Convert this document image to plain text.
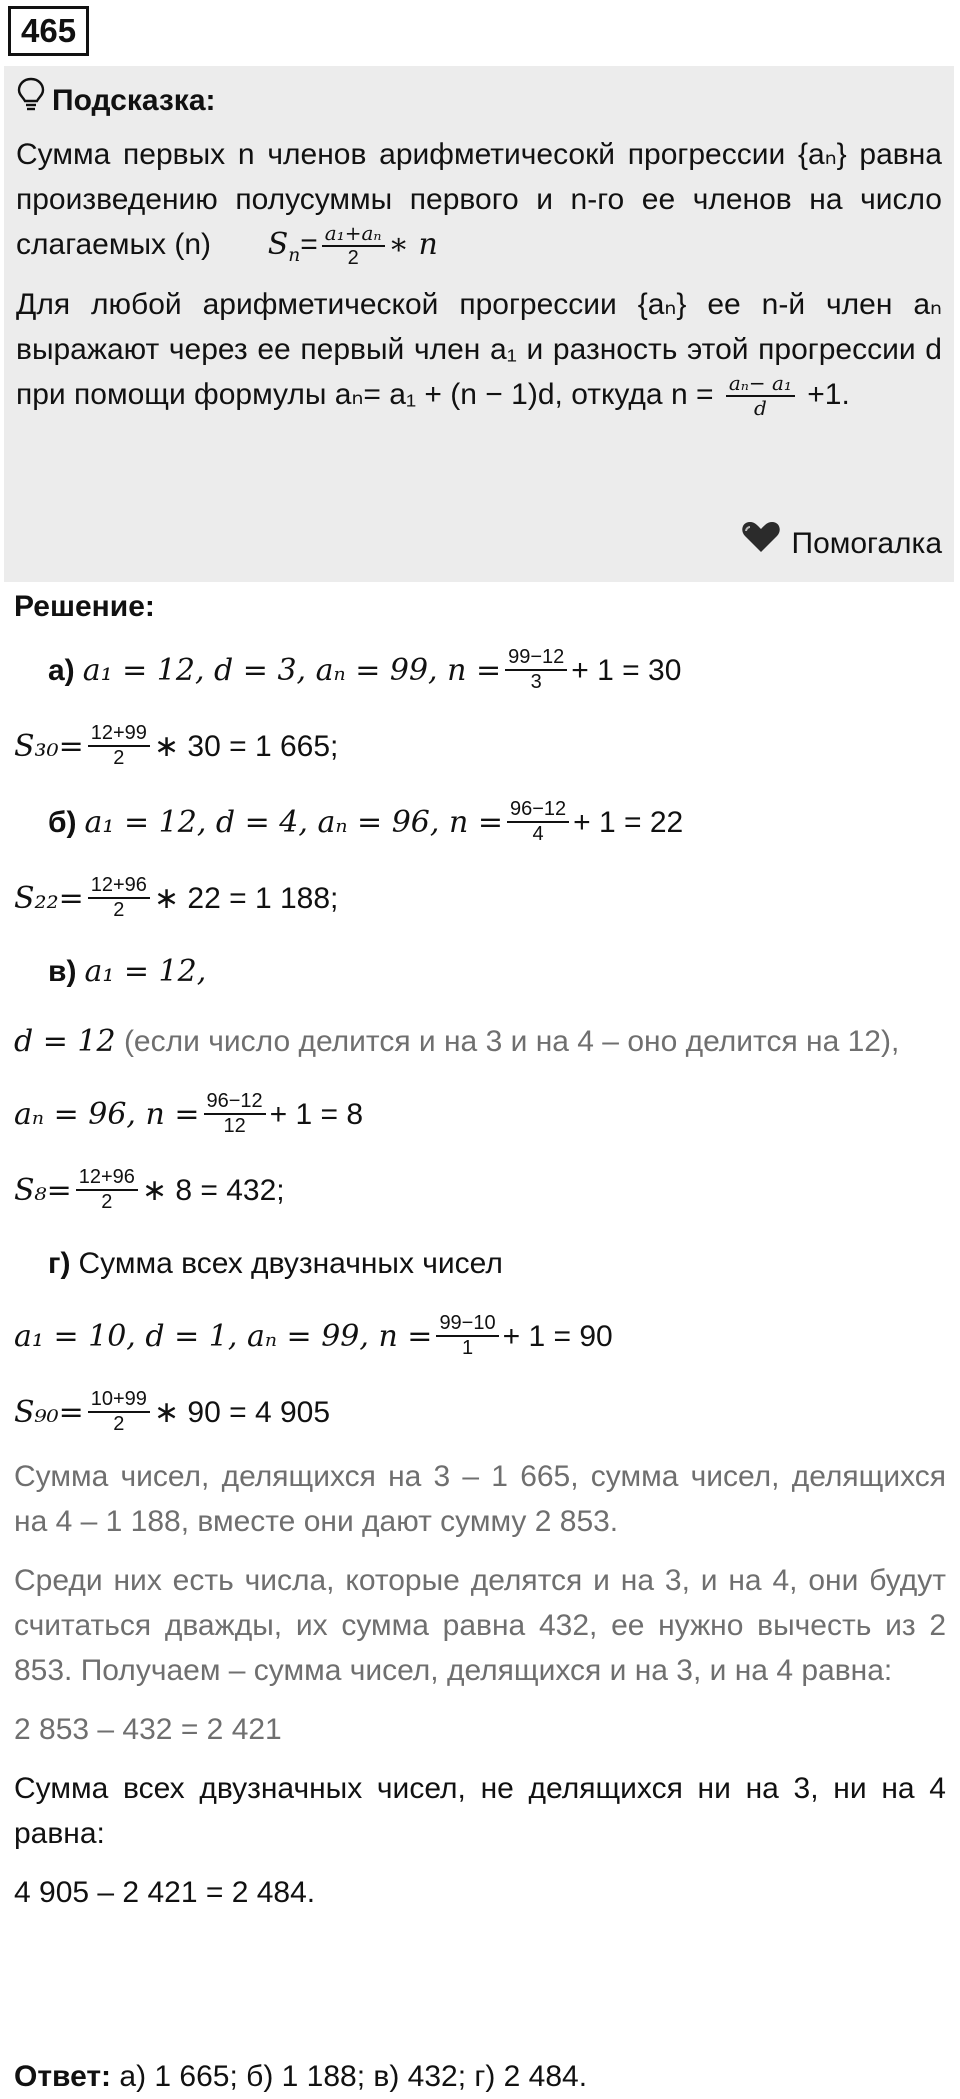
465
Подсказка:

Сумма первых n членов арифметичесокй прогрессии {aₙ} равна произведению полусуммы первого и n-го ее членов на число слагаемых (n) $S_n= \frac{\text{a₁+aₙ}}{2}$ ∗ n

Для любой арифметической прогрессии {aₙ} ее n-й член aₙ выражают через ее первый член a₁ и разность этой прогрессии d при помощи формулы aₙ= a₁ + (n − 1)d, откуда $n = \frac{\text{aₙ− a₁}}{d} +1$.

Помогалка
Решение:
а) a₁ = 12, d = 3, aₙ = 99, $n = \frac{99-12}{3} + 1 = 30$
$S_{30}= \frac{12+99}{2}$ ∗ 30 = 1 665;
б) a₁ = 12, d = 4, aₙ = 96, $n = \frac{96-12}{4} + 1 = 22$
$S_{22}= \frac{12+96}{2}$ ∗ 22 = 1 188;
в) a₁ = 12,
d = 12
(если число делится и на 3 и на 4 – оно делится на 12),
aₙ = 96, $n = \frac{96-12}{12} + 1 = 8$
$S_8= \frac{12+96}{2}$ ∗ 8 = 432;
г) Сумма всех двузначных чисел
a₁ = 10, d = 1, aₙ = 99, $n = \frac{99-10}{1} + 1 = 90$
$S_{90}= \frac{10+99}{2}$ ∗ 90 = 4 905

Сумма чисел, делящихся на 3 – 1 665, сумма чисел, делящихся на 4 – 1 188, вместе они дают сумму 2 853.

Среди них есть числа, которые делятся и на 3, и на 4, они будут считаться дважды, их сумма равна 432, ее нужно вычесть из 2 853. Получаем – сумма чисел, делящихся и на 3, и на 4 равна:

2 853 – 432 = 2 421

Сумма всех двузначных чисел, не делящихся ни на 3, ни на 4 равна:

4 905 – 2 421 = 2 484.

Ответ: а) 1 665; б) 1 188; в) 432; г) 2 484.
